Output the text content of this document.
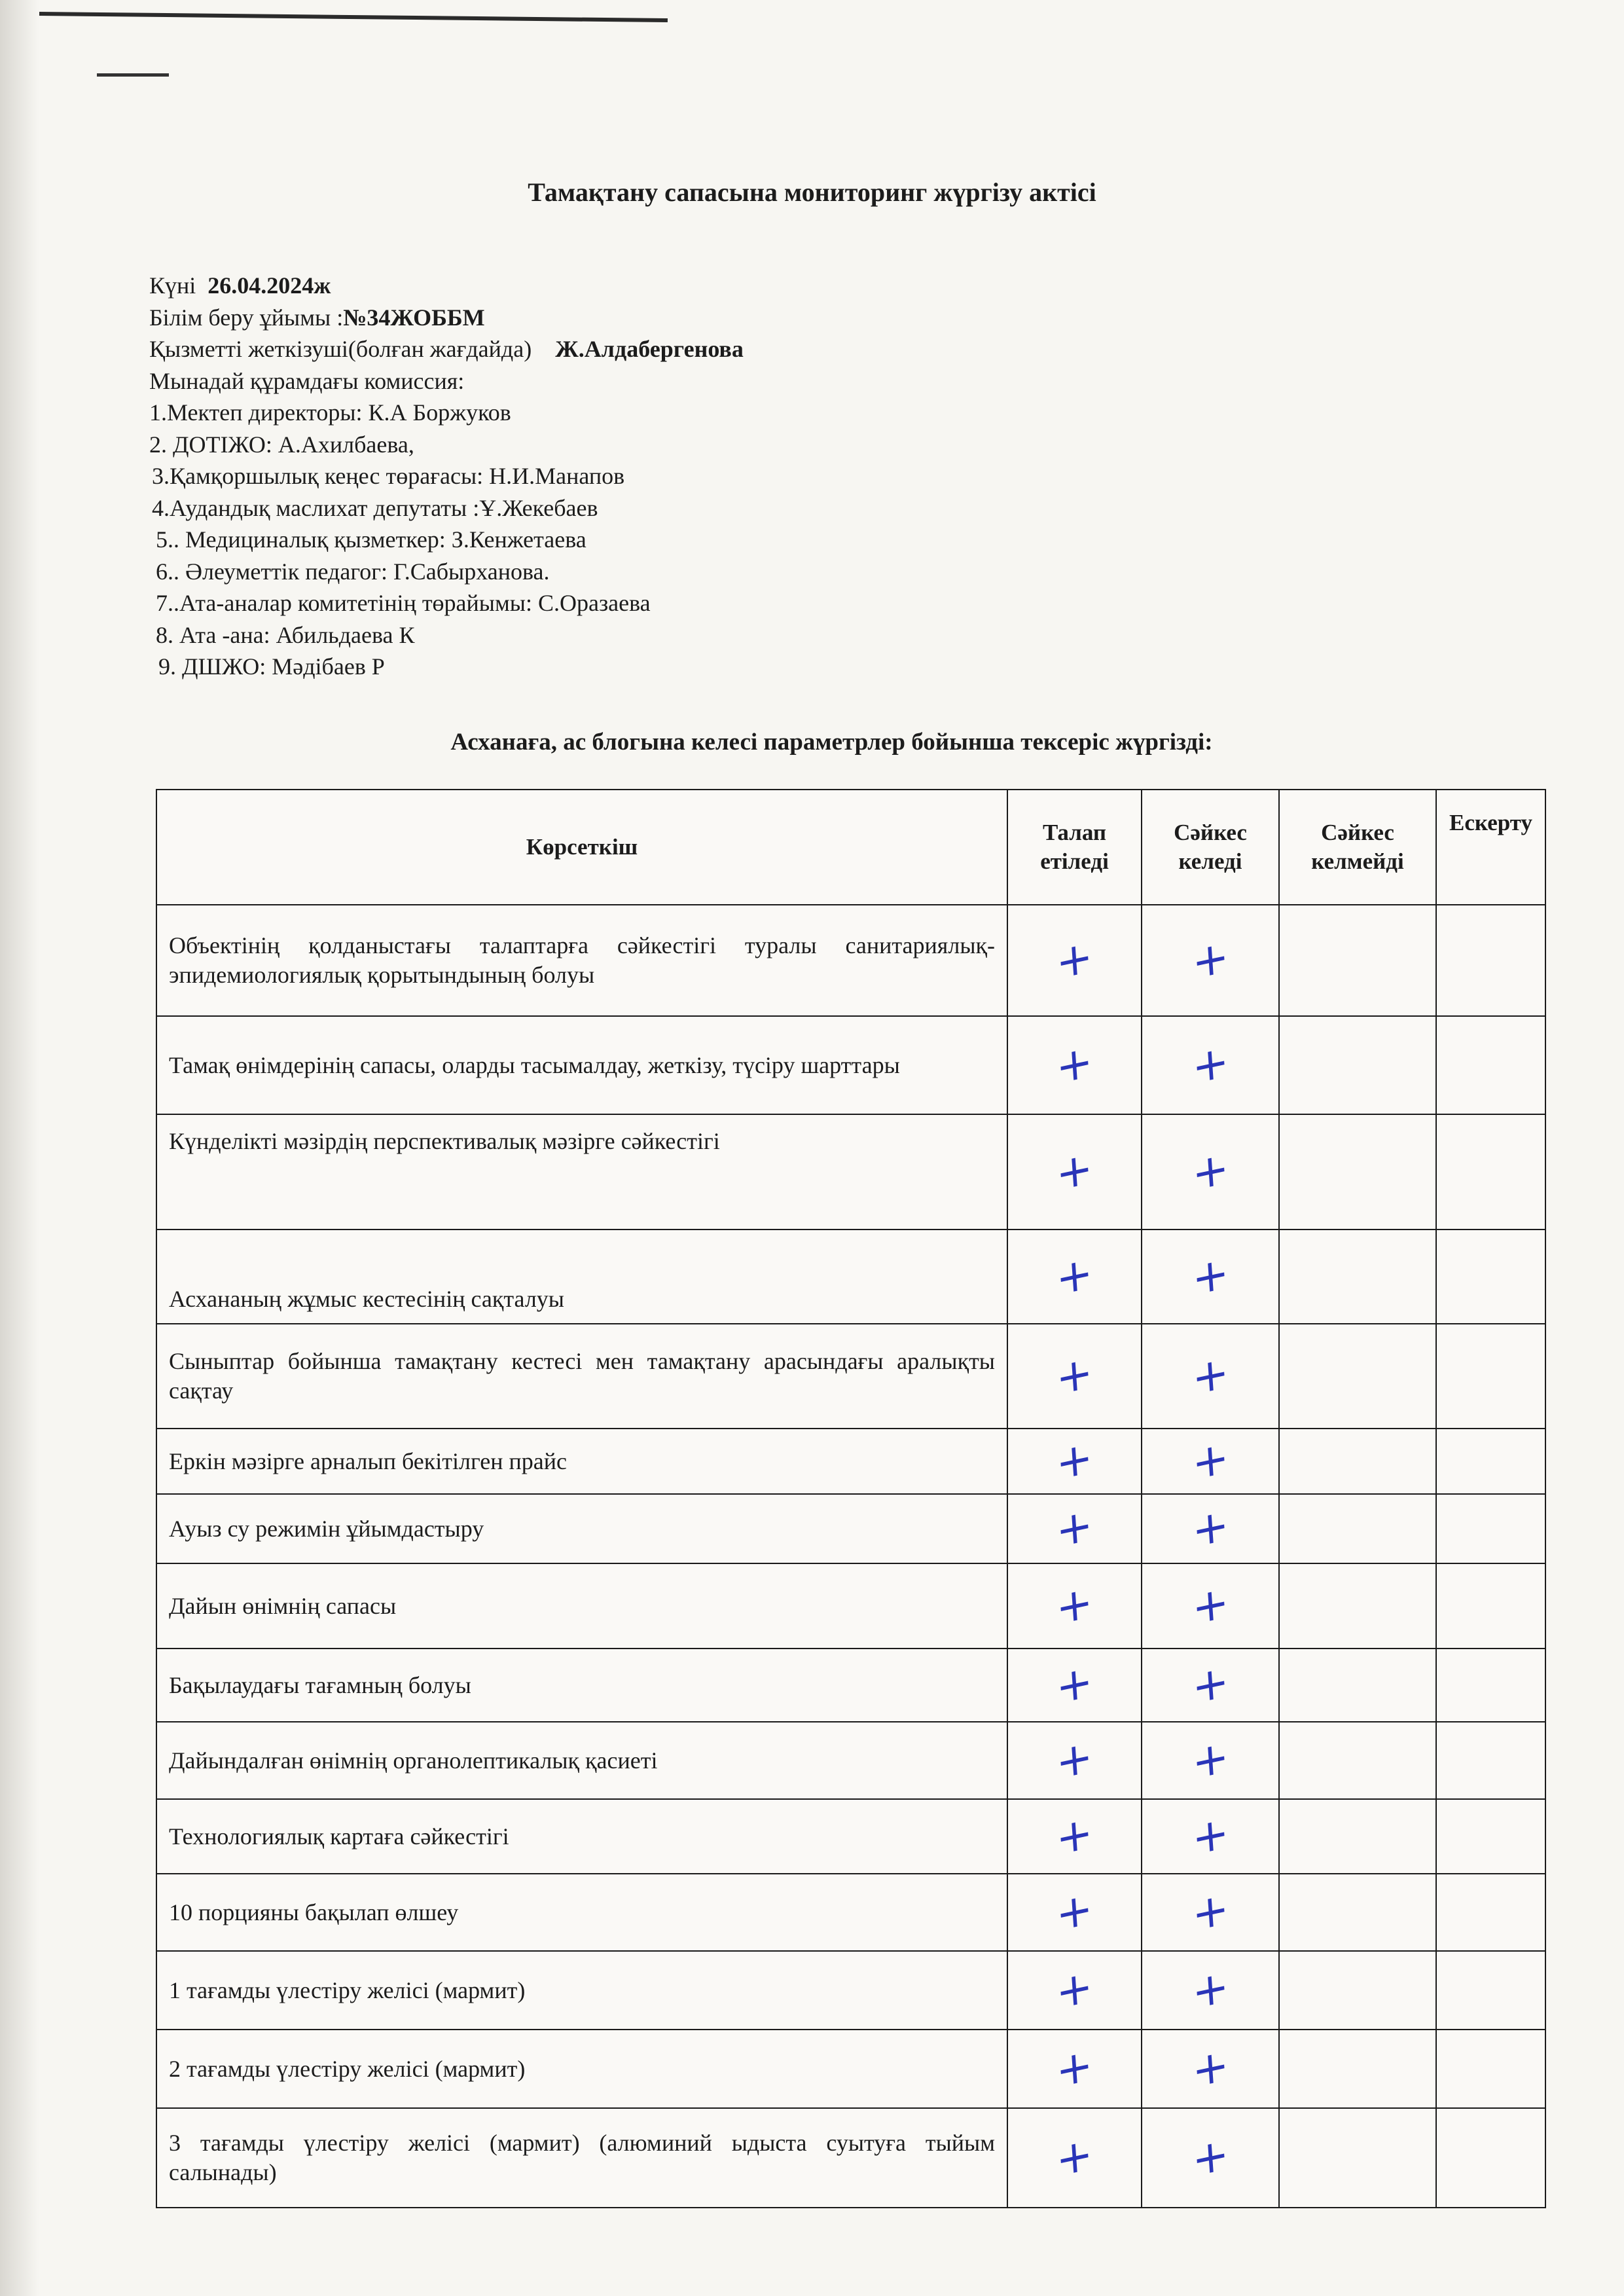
Тамақтану сапасына мониторинг жүргізу актісі
Күні 26.04.2024ж
Білім беру ұйымы :№34ЖОББМ
Қызметті жеткізуші(болған жағдайда) Ж.Алдабергенова
Мынадай құрамдағы комиссия:
1.Мектеп директоры: К.А Боржуков
2. ДОТІЖО: А.Ахилбаева,
3.Қамқоршылық кеңес төрағасы: Н.И.Манапов
4.Аудандық маслихат депутаты :Ұ.Жекебаев
5.. Медициналық қызметкер: З.Кенжетаева
6.. Әлеуметтік педагог: Г.Сабырханова.
7..Ата-аналар комитетінің төрайымы: С.Оразаева
8. Ата -ана: Абильдаева К
9. ДШЖО: Мәдібаев Р
Асханаға, ас блогына келесі параметрлер бойынша тексеріс жүргізді:
Көрсеткіш	Талап етіледі	Сәйкес келеді	Сәйкес келмейді	Ескерту
Объектінің қолданыстағы талаптарға сәйкестігі туралы санитариялық-эпидемиологиялық қорытындының болуы	+	+		
Тамақ өнімдерінің сапасы, оларды тасымалдау, жеткізу, түсіру шарттары	+	+		
Күнделікті мәзірдің перспективалық мәзірге сәйкестігі	+	+		
Асхананың жұмыс кестесінің сақталуы	+	+		
Сыныптар бойынша тамақтану кестесі мен тамақтану арасындағы аралықты сақтау	+	+		
Еркін мәзірге арналып бекітілген прайс	+	+		
Ауыз су режимін ұйымдастыру	+	+		
Дайын өнімнің сапасы	+	+		
Бақылаудағы тағамның болуы	+	+		
Дайындалған өнімнің органолептикалық қасиеті	+	+		
Технологиялық картаға сәйкестігі	+	+		
10 порцияны бақылап өлшеу	+	+		
1 тағамды үлестіру желісі (мармит)	+	+		
2 тағамды үлестіру желісі (мармит)	+	+		
3 тағамды үлестіру желісі (мармит) (алюминий ыдыста суытуға тыйым салынады)	+	+		
